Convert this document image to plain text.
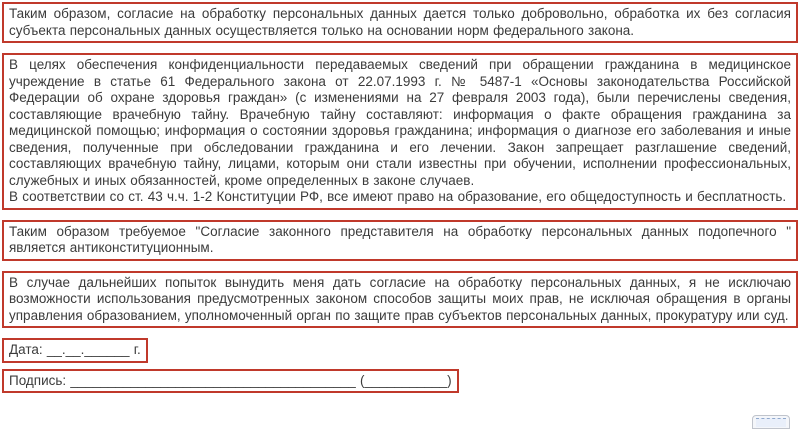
Таким образом, согласие на обработку персональных данных дается только добровольно, обработка их без согласия субъекта персональных данных осуществляется только на основании норм федерального закона.

В целях обеспечения конфиденциальности передаваемых сведений при обращении гражданина в медицинское учреждение в статье 61 Федерального закона от 22.07.1993 г. № 5487-1 «Основы законодательства Российской Федерации об охране здоровья граждан» (с изменениями на 27 февраля 2003 года), были перечислены сведения, составляющие врачебную тайну. Врачебную тайну составляют: информация о факте обращения гражданина за медицинской помощью; информация о состоянии здоровья гражданина; информация о диагнозе его заболевания и иные сведения, полученные при обследовании гражданина и его лечении. Закон запрещает разглашение сведений, составляющих врачебную тайну, лицами, которым они стали известны при обучении, исполнении профессиональных, служебных и иных обязанностей, кроме определенных в законе случаев.

В соответствии со ст. 43 ч.ч. 1-2 Конституции РФ, все имеют право на образование, его общедоступность и бесплатность.

Таким образом требуемое "Согласие законного представителя на обработку персональных данных подопечного " является антиконституционным.

В случае дальнейших попыток вынудить меня дать согласие на обработку персональных данных, я не исключаю возможности использования предусмотренных законом способов защиты моих прав, не исключая обращения в органы управления образованием, уполномоченный орган по защите прав субъектов персональных данных, прокуратуру или суд.

Дата: __.__.______ г.

Подпись: ______________________________________ (___________)
